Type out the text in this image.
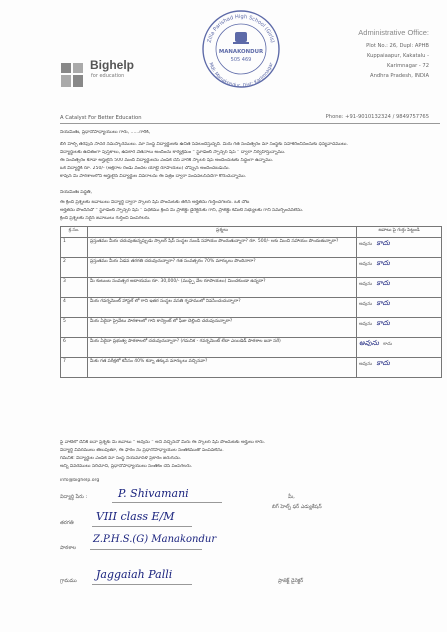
Bighelp
for education
A Catalyst For Better Education
Zilla Parishad High School (Girls)
Mdl: Manakondur, Dist: Karimnagar
MANAKONDUR
505 469
Administrative Office:
Plot No.: 26, Dupl: APHB
Kuppaiaapur, Kakatalu -
Karimnagar - 72
Andhra Pradesh, INDIA
Phone: +91-9010132324 / 9849757765
నియమితః, ప్రధానోపాధ్యాయులు గారు, ......గారికి,
బిగ్ హెల్ప్ తరఫున సాదర నమస్కారములు. మా సంస్థ విద్యార్థులకు ఉచిత సేవలందిస్తున్నది. మీరు గత సంవత్సరం మా సంస్థకు సహకరించినందుకు ధన్యవాదములు.
విద్యార్థులకు ఉచితంగా పుస్తకాలు, ఉపకార వేతనాలు అందించు కార్యక్రమం “ స్టూడెంట్ స్పాన్సర్ షిప్ ” ద్వారా నిర్వహిస్తున్నాము.
ఈ సంవత్సరం కూడా అర్హులైన 500 మంది విద్యార్థులను ఎంపిక చేసి వారికి స్కాలర్ షిప్ అందించుటకు సిద్ధంగా ఉన్నాము.
ఒక విద్యార్థికి రూ. 250/- (అక్షరాల రెండు వందల యాభై రూపాయలు) చొప్పున అందించబడును.
కావున మీ పాఠశాలలోని అర్హులైన విద్యార్థుల వివరాలను ఈ పత్రం ద్వారా పంపవలసినదిగా కోరుచున్నాము.
నియమితః పద్ధతి,
ఈ క్రింది ప్రశ్నలకు జవాబులు విద్యార్థి ద్వారా స్కాలర్ షిప్ పొందుటకు తగిన అర్హతను గుర్తించగలరు. ఒక చోట
అర్హతను పొందినచో “ స్టూడెంట్ స్పాన్సర్ షిప్ ” పథకము క్రింద మీ ప్రాజెక్టు డైరెక్టరుకు గాని, ప్రాజెక్టు కమిటీ సభ్యులకు గాని సమర్పించవలెను.
క్రింది ప్రశ్నలకు సరైన జవాబులు గుర్తించి పంపగలరు.
క్ర.సం.	ప్రశ్నలు	జవాబు పై గుర్తు పెట్టండి
1	ప్రస్తుతము మీరు చదువుతున్నప్పుడు స్కాలర్ షిప్ సంస్థల నుండి సహాయం పొందుతున్నారా? రూ. 500/- లకు మించి సహాయం పొందుతున్నారా?	అవును కాదు
2	ప్రస్తుతము మీరు ఏడవ తరగతి చదువుచున్నారా? గత సంవత్సరం 70% మార్కులు పొందినారా?	అవును కాదు
3	మీ కుటుంబ సంవత్సర ఆదాయము రూ. 30,000/- (ముప్పై వేల రూపాయలు) మించకుండా ఉన్నదా?	అవును కాదు
4	మీరు గవర్నమెంట్ హాస్టల్ లో గాని ఇతర సంస్థల వసతి గృహములో నివసించుచున్నారా?	అవును కాదు
5	మీరు ఏదైనా ప్రైవేటు పాఠశాలలో గాని కాన్వెంట్ లో ఫీజు చెల్లించి చదువుచున్నారా?	అవును కాదు
6	మీరు ఏదైనా ప్రభుత్వ పాఠశాలలో చదువుచున్నారా? (గమనిక - గవర్నమెంట్ లేదా ఎయిడెడ్ పాఠశాల ఐనా సరే)	అవును కాదు
7	మీకు గత పరీక్షలో కనీసం 40% కన్నా తక్కువ మార్కులు వచ్చినవా?	అవును కాదు
పై వాటిలో దేనికి ఐనా ప్రశ్నకు మీ జవాబు “ అవును ” అని వచ్చినచో మీరు ఈ స్కాలర్ షిప్ పొందుటకు అర్హులు కారు.
విద్యార్థి వివరములు తెలుపుతూ, ఈ ఫారం ను ప్రధానోపాధ్యాయుల సంతకముతో పంపవలెను.
గమనిక: విద్యార్థుల ఎంపిక మా సంస్థ నియమావళి ప్రకారం జరుగును.
అన్ని వివరములు సరిచూచి, ప్రధానోపాధ్యాయులు సంతకం చేసి పంపగలరు.
info@bighelp.org
విద్యార్థి పేరు :	P. Shivamani
తరగతి VIII class E/M
పాఠశాల
Z.P.H.S.(G) Manakondur
గ్రామము Jaggaiah Palli
మీ,
బిగ్ హెల్ప్ ఫర్ ఎడ్యుకేషన్
ప్రాజెక్ట్ డైరెక్టర్
